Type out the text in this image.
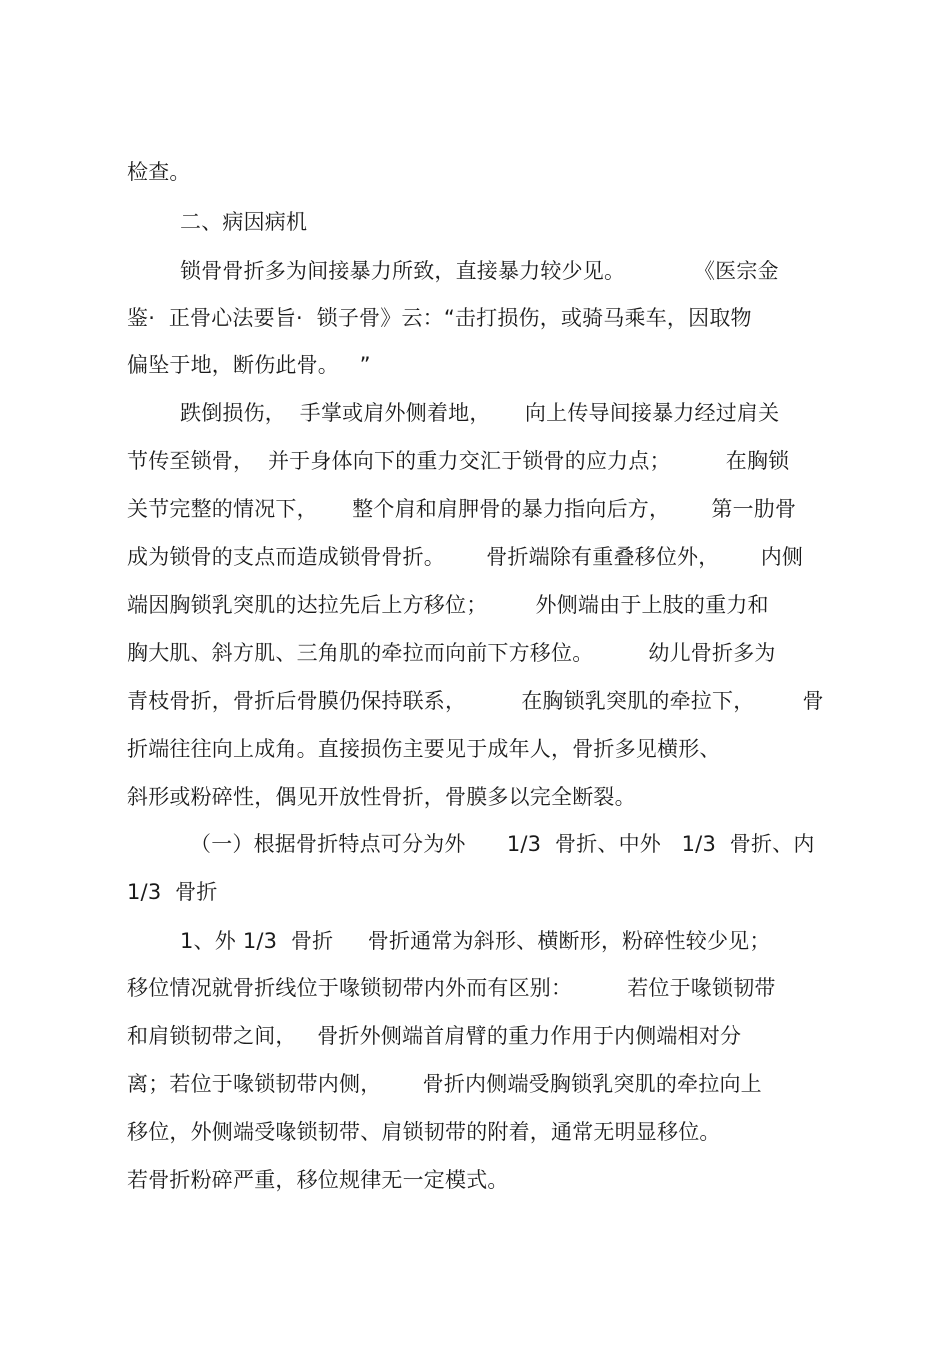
检查。
二、病因病机
锁骨骨折多为间接暴力所致，直接暴力较少见。          《医宗金
鉴·  正骨心法要旨·  锁子骨》云：“击打损伤，或骑马乘车，因取物
偏坠于地，断伤此骨。   ”
跌倒损伤，  手掌或肩外侧着地，     向上传导间接暴力经过肩关
节传至锁骨，  并于身体向下的重力交汇于锁骨的应力点；        在胸锁
关节完整的情况下，     整个肩和肩胛骨的暴力指向后方，      第一肋骨
成为锁骨的支点而造成锁骨骨折。      骨折端除有重叠移位外，      内侧
端因胸锁乳突肌的达拉先后上方移位；       外侧端由于上肢的重力和
胸大肌、斜方肌、三角肌的牵拉而向前下方移位。        幼儿骨折多为
青枝骨折，骨折后骨膜仍保持联系，        在胸锁乳突肌的牵拉下，       骨
折端往往向上成角。直接损伤主要见于成年人，骨折多见横形、
斜形或粉碎性，偶见开放性骨折，骨膜多以完全断裂。
（一）根据骨折特点可分为外      1/3  骨折、中外   1/3  骨折、内
1/3  骨折
1、外 1/3  骨折     骨折通常为斜形、横断形，粉碎性较少见；
移位情况就骨折线位于喙锁韧带内外而有区别：        若位于喙锁韧带
和肩锁韧带之间，   骨折外侧端首肩臂的重力作用于内侧端相对分
离；若位于喙锁韧带内侧，      骨折内侧端受胸锁乳突肌的牵拉向上
移位，外侧端受喙锁韧带、肩锁韧带的附着，通常无明显移位。
若骨折粉碎严重，移位规律无一定模式。
